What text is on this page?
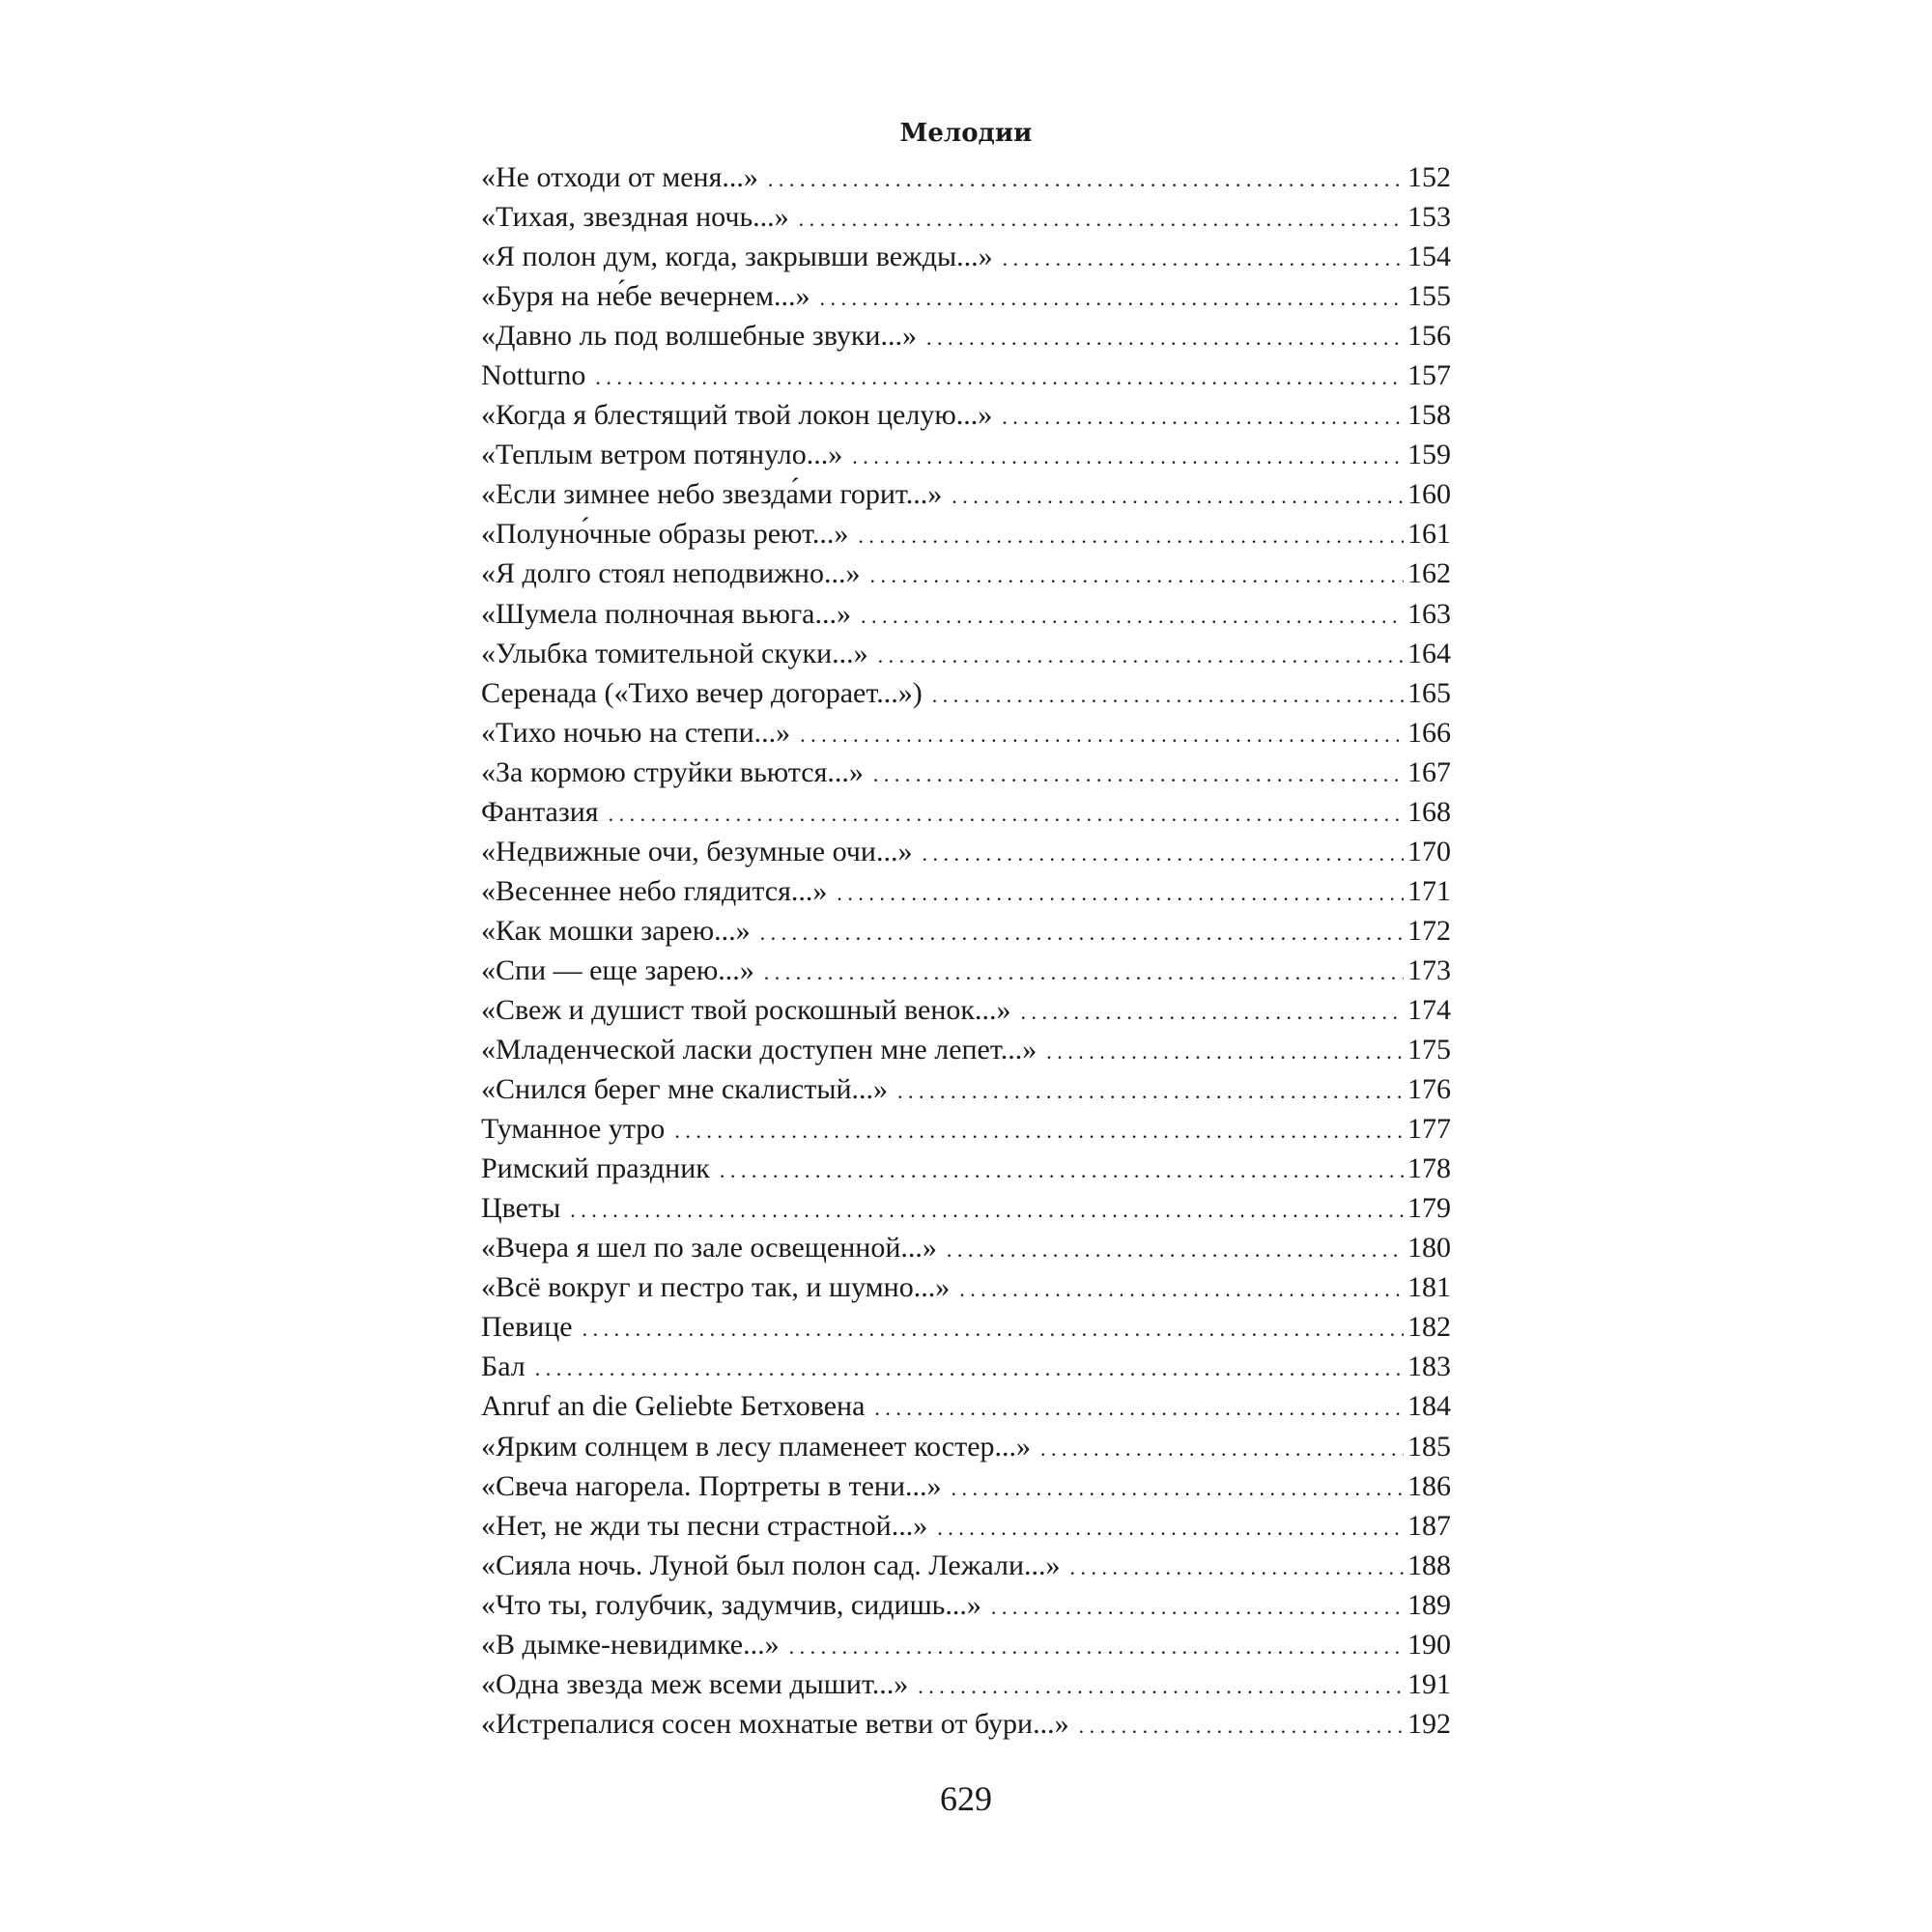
Мелодии
«Не отходи от меня...» . . .	152
«Тихая, звездная ночь...» . . .	153
«Я полон дум, когда, закрывши вежды...» . . .	154
«Буря на не́бе вечернем...» . . .	155
«Давно ль под волшебные звуки...» . . .	156
Notturno . . .	157
«Когда я блестящий твой локон целую...» . . .	158
«Теплым ветром потянуло...» . . .	159
«Если зимнее небо звезда́ми горит...» . . .	160
«Полуно́чные образы реют...» . . .	161
«Я долго стоял неподвижно...» . . .	162
«Шумела полночная вьюга...» . . .	163
«Улыбка томительной скуки...» . . .	164
Серенада («Тихо вечер догорает...») . . .	165
«Тихо ночью на степи...» . . .	166
«За кормою струйки вьются...» . . .	167
Фантазия . . .	168
«Недвижные очи, безумные очи...» . . .	170
«Весеннее небо глядится...» . . .	171
«Как мошки зарею...» . . .	172
«Спи — еще зарею...» . . .	173
«Свеж и душист твой роскошный венок...» . . .	174
«Младенческой ласки доступен мне лепет...» . . .	175
«Снился берег мне скалистый...» . . .	176
Туманное утро . . .	177
Римский праздник . . .	178
Цветы . . .	179
«Вчера я шел по зале освещенной...» . . .	180
«Всё вокруг и пестро так, и шумно...» . . .	181
Певице . . .	182
Бал . . .	183
Anruf an die Geliebte Бетховена . . .	184
«Ярким солнцем в лесу пламенеет костер...» . . .	185
«Свеча нагорела. Портреты в тени...» . . .	186
«Нет, не жди ты песни страстной...» . . .	187
«Сияла ночь. Луной был полон сад. Лежали...» . . .	188
«Что ты, голубчик, задумчив, сидишь...» . . .	189
«В дымке-невидимке...» . . .	190
«Одна звезда меж всеми дышит...» . . .	191
«Истрепалися сосен мохнатые ветви от бури...» . . .	192
629
